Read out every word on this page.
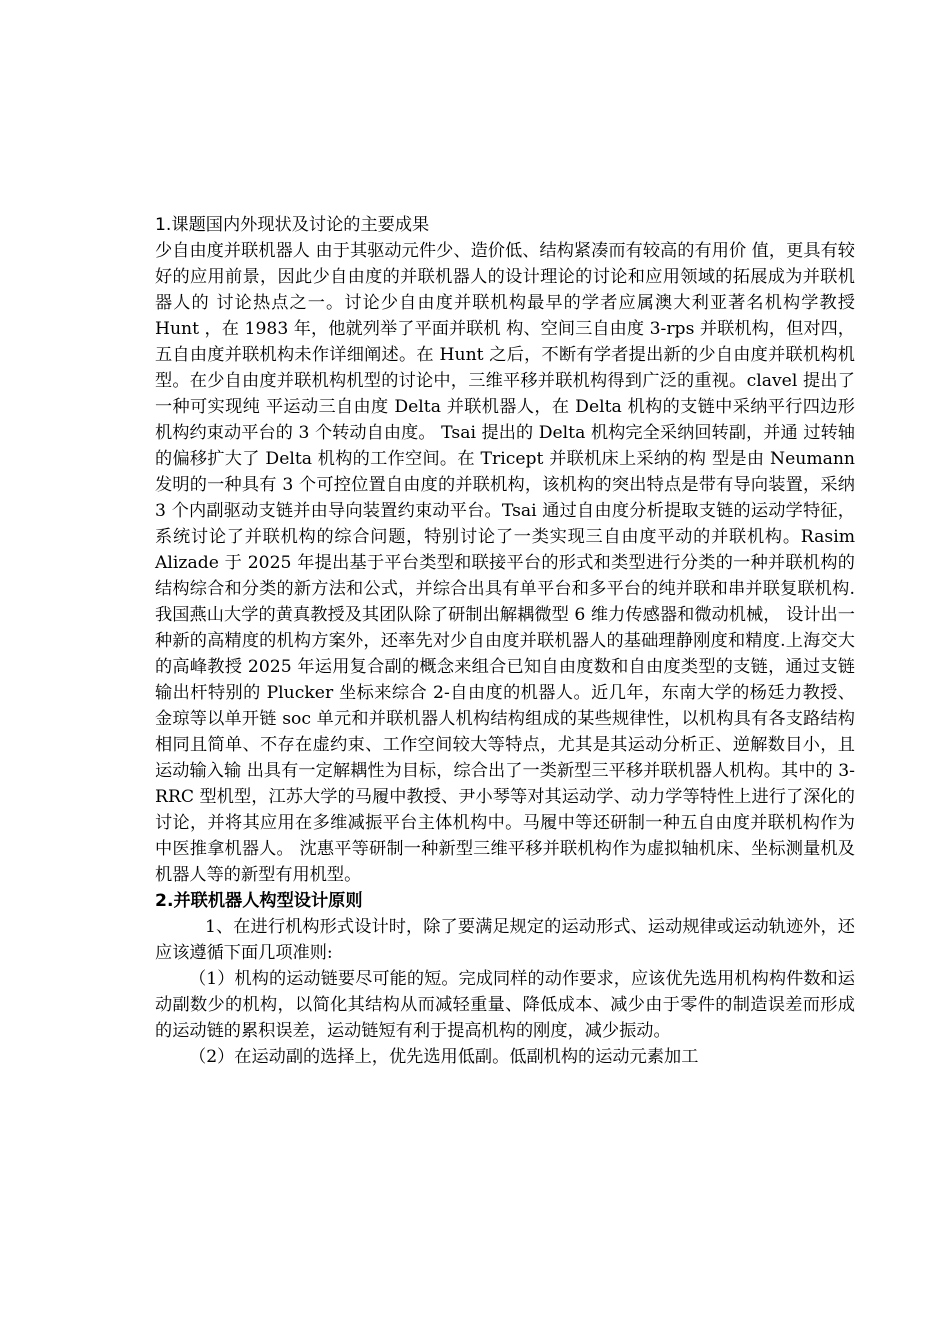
1.课题国内外现状及讨论的主要成果

少自由度并联机器人 由于其驱动元件少、造价低、结构紧凑而有较高的有用价 值，更具有较好的应用前景，因此少自由度的并联机器人的设计理论的讨论和应用领域的拓展成为并联机器人的 讨论热点之一。讨论少自由度并联机构最早的学者应属澳大利亚著名机构学教授 Hunt ，在 1983 年，他就列举了平面并联机 构、空间三自由度 3-rps 并联机构，但对四，五自由度并联机构未作详细阐述。在 Hunt 之后，不断有学者提出新的少自由度并联机构机型。在少自由度并联机构机型的讨论中，三维平移并联机构得到广泛的重视。clavel 提出了一种可实现纯 平运动三自由度 Delta 并联机器人，在 Delta 机构的支链中采纳平行四边形机构约束动平台的 3 个转动自由度。 Tsai 提出的 Delta 机构完全采纳回转副，并通 过转轴的偏移扩大了 Delta 机构的工作空间。在 Tricept 并联机床上采纳的构 型是由 Neumann 发明的一种具有 3 个可控位置自由度的并联机构，该机构的突出特点是带有导向装置，采纳 3 个内副驱动支链并由导向装置约束动平台。Tsai 通过自由度分析提取支链的运动学特征，系统讨论了并联机构的综合问题，特别讨论了一类实现三自由度平动的并联机构。Rasim Alizade 于 2025 年提出基于平台类型和联接平台的形式和类型进行分类的一种并联机构的结构综合和分类的新方法和公式，并综合出具有单平台和多平台的纯并联和串并联复联机构.我国燕山大学的黄真教授及其团队除了研制出解耦微型 6 维力传感器和微动机械， 设计出一种新的高精度的机构方案外，还率先对少自由度并联机器人的基础理静刚度和精度.上海交大的高峰教授 2025 年运用复合副的概念来组合已知自由度数和自由度类型的支链，通过支链输出杆特别的 Plucker 坐标来综合 2-自由度的机器人。近几年，东南大学的杨廷力教授、金琼等以单开链 soc 单元和并联机器人机构结构组成的某些规律性，以机构具有各支路结构相同且简单、不存在虚约束、工作空间较大等特点，尤其是其运动分析正、逆解数目小，且运动输入输 出具有一定解耦性为目标，综合出了一类新型三平移并联机器人机构。其中的 3-RRC 型机型，江苏大学的马履中教授、尹小琴等对其运动学、动力学等特性上进行了深化的讨论，并将其应用在多维减振平台主体机构中。马履中等还研制一种五自由度并联机构作为中医推拿机器人。 沈惠平等研制一种新型三维平移并联机构作为虚拟轴机床、坐标测量机及机器人等的新型有用机型。

2.并联机器人构型设计原则

1、在进行机构形式设计时，除了要满足规定的运动形式、运动规律或运动轨迹外，还应该遵循下面几项准则:

（1）机构的运动链要尽可能的短。完成同样的动作要求，应该优先选用机构构件数和运动副数少的机构，以简化其结构从而减轻重量、降低成本、减少由于零件的制造误差而形成的运动链的累积误差，运动链短有利于提高机构的刚度，减少振动。

（2）在运动副的选择上，优先选用低副。低副机构的运动元素加工
